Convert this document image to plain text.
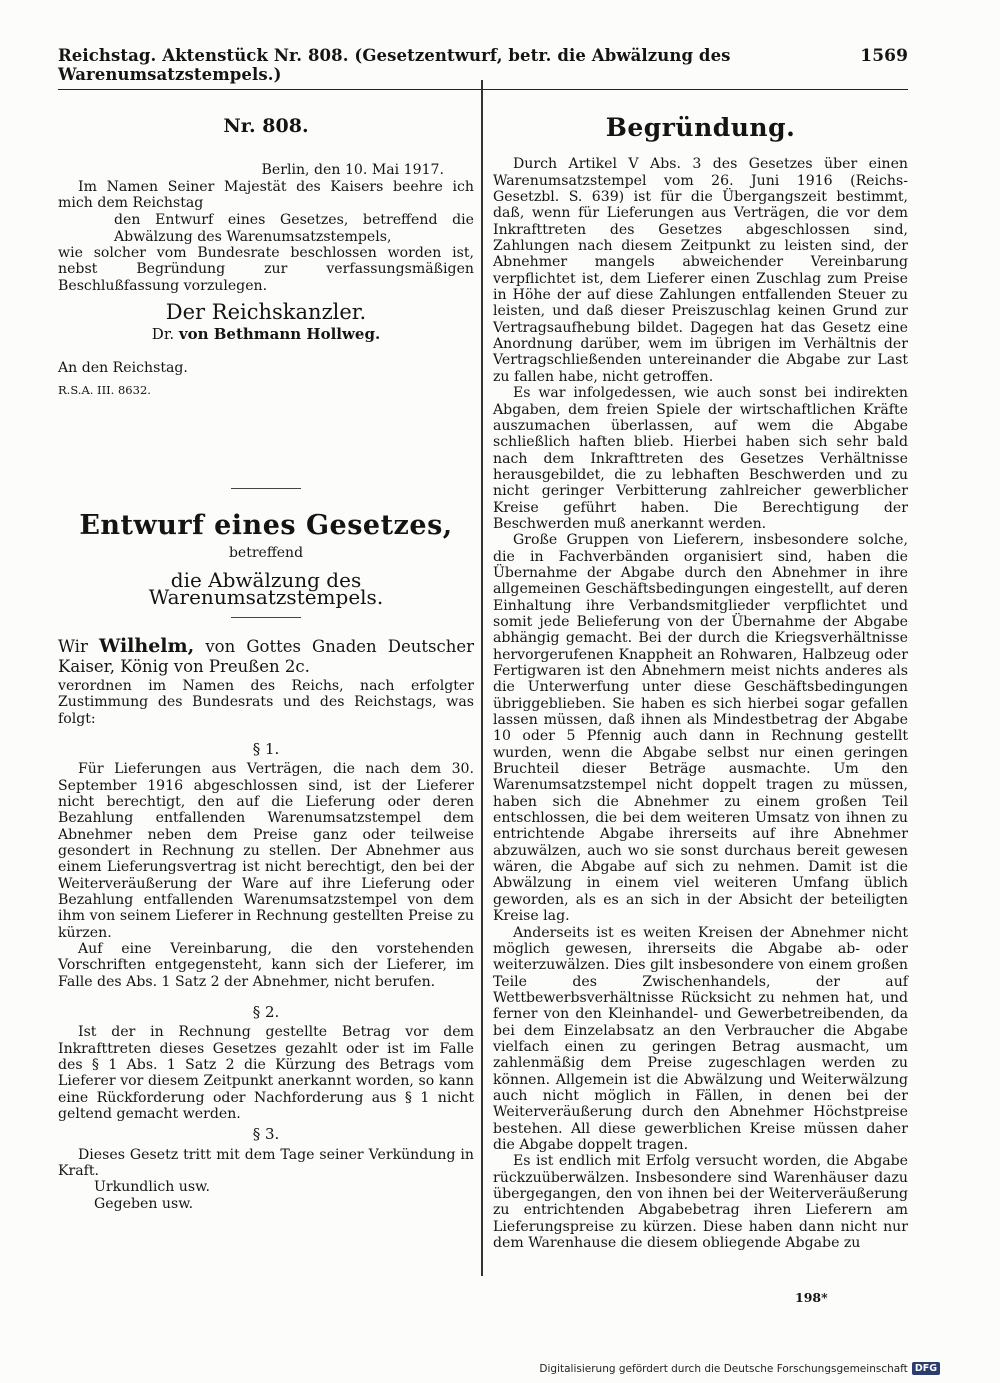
Reichstag. Aktenstück Nr. 808. (Gesetzentwurf, betr. die Abwälzung des Warenumsatzstempels.)
1569

Nr. 808.

Berlin, den 10. Mai 1917.

Im Namen Seiner Majestät des Kaisers beehre ich mich dem Reichstag

den Entwurf eines Gesetzes, betreffend die Abwälzung des Warenumsatzstempels,

wie solcher vom Bundesrate beschlossen worden ist, nebst Begründung zur verfassungsmäßigen Beschlußfassung vorzulegen.

Der Reichskanzler.

Dr. von Bethmann Hollweg.

An den Reichstag.

R.S.A. III. 8632.

Entwurf eines Gesetzes,

betreffend

die Abwälzung des Warenumsatzstempels.

Wir Wilhelm, von Gottes Gnaden Deutscher Kaiser, König von Preußen 2c.

verordnen im Namen des Reichs, nach erfolgter Zustimmung des Bundesrats und des Reichstags, was folgt:

§ 1.

Für Lieferungen aus Verträgen, die nach dem 30. September 1916 abgeschlossen sind, ist der Lieferer nicht berechtigt, den auf die Lieferung oder deren Bezahlung entfallenden Warenumsatzstempel dem Abnehmer neben dem Preise ganz oder teilweise gesondert in Rechnung zu stellen. Der Abnehmer aus einem Lieferungsvertrag ist nicht berechtigt, den bei der Weiterveräußerung der Ware auf ihre Lieferung oder Bezahlung entfallenden Warenumsatzstempel von dem ihm von seinem Lieferer in Rechnung gestellten Preise zu kürzen.

Auf eine Vereinbarung, die den vorstehenden Vorschriften entgegensteht, kann sich der Lieferer, im Falle des Abs. 1 Satz 2 der Abnehmer, nicht berufen.

§ 2.

Ist der in Rechnung gestellte Betrag vor dem Inkrafttreten dieses Gesetzes gezahlt oder ist im Falle des § 1 Abs. 1 Satz 2 die Kürzung des Betrags vom Lieferer vor diesem Zeitpunkt anerkannt worden, so kann eine Rückforderung oder Nachforderung aus § 1 nicht geltend gemacht werden.

§ 3.

Dieses Gesetz tritt mit dem Tage seiner Verkündung in Kraft.

Urkundlich usw.

Gegeben usw.

Begründung.

Durch Artikel V Abs. 3 des Gesetzes über einen Warenumsatzstempel vom 26. Juni 1916 (Reichs-Gesetzbl. S. 639) ist für die Übergangszeit bestimmt, daß, wenn für Lieferungen aus Verträgen, die vor dem Inkrafttreten des Gesetzes abgeschlossen sind, Zahlungen nach diesem Zeitpunkt zu leisten sind, der Abnehmer mangels abweichender Vereinbarung verpflichtet ist, dem Lieferer einen Zuschlag zum Preise in Höhe der auf diese Zahlungen entfallenden Steuer zu leisten, und daß dieser Preiszuschlag keinen Grund zur Vertragsaufhebung bildet. Dagegen hat das Gesetz eine Anordnung darüber, wem im übrigen im Verhältnis der Vertragschließenden untereinander die Abgabe zur Last zu fallen habe, nicht getroffen.

Es war infolgedessen, wie auch sonst bei indirekten Abgaben, dem freien Spiele der wirtschaftlichen Kräfte auszumachen überlassen, auf wem die Abgabe schließlich haften blieb. Hierbei haben sich sehr bald nach dem Inkrafttreten des Gesetzes Verhältnisse herausgebildet, die zu lebhaften Beschwerden und zu nicht geringer Verbitterung zahlreicher gewerblicher Kreise geführt haben. Die Berechtigung der Beschwerden muß anerkannt werden.

Große Gruppen von Lieferern, insbesondere solche, die in Fachverbänden organisiert sind, haben die Übernahme der Abgabe durch den Abnehmer in ihre allgemeinen Geschäftsbedingungen eingestellt, auf deren Einhaltung ihre Verbandsmitglieder verpflichtet und somit jede Belieferung von der Übernahme der Abgabe abhängig gemacht. Bei der durch die Kriegsverhältnisse hervorgerufenen Knappheit an Rohwaren, Halbzeug oder Fertigwaren ist den Abnehmern meist nichts anderes als die Unterwerfung unter diese Geschäftsbedingungen übriggeblieben. Sie haben es sich hierbei sogar gefallen lassen müssen, daß ihnen als Mindestbetrag der Abgabe 10 oder 5 Pfennig auch dann in Rechnung gestellt wurden, wenn die Abgabe selbst nur einen geringen Bruchteil dieser Beträge ausmachte. Um den Warenumsatzstempel nicht doppelt tragen zu müssen, haben sich die Abnehmer zu einem großen Teil entschlossen, die bei dem weiteren Umsatz von ihnen zu entrichtende Abgabe ihrerseits auf ihre Abnehmer abzuwälzen, auch wo sie sonst durchaus bereit gewesen wären, die Abgabe auf sich zu nehmen. Damit ist die Abwälzung in einem viel weiteren Umfang üblich geworden, als es an sich in der Absicht der beteiligten Kreise lag.

Anderseits ist es weiten Kreisen der Abnehmer nicht möglich gewesen, ihrerseits die Abgabe ab- oder weiterzuwälzen. Dies gilt insbesondere von einem großen Teile des Zwischenhandels, der auf Wettbewerbsverhältnisse Rücksicht zu nehmen hat, und ferner von den Kleinhandel- und Gewerbetreibenden, da bei dem Einzelabsatz an den Verbraucher die Abgabe vielfach einen zu geringen Betrag ausmacht, um zahlenmäßig dem Preise zugeschlagen werden zu können. Allgemein ist die Abwälzung und Weiterwälzung auch nicht möglich in Fällen, in denen bei der Weiterveräußerung durch den Abnehmer Höchstpreise bestehen. All diese gewerblichen Kreise müssen daher die Abgabe doppelt tragen.

Es ist endlich mit Erfolg versucht worden, die Abgabe rückzuüberwälzen. Insbesondere sind Warenhäuser dazu übergegangen, den von ihnen bei der Weiterveräußerung zu entrichtenden Abgabebetrag ihren Lieferern am Lieferungspreise zu kürzen. Diese haben dann nicht nur dem Warenhause die diesem obliegende Abgabe zu

198*
Digitalisierung gefördert durch die Deutsche Forschungsgemeinschaft DFG
